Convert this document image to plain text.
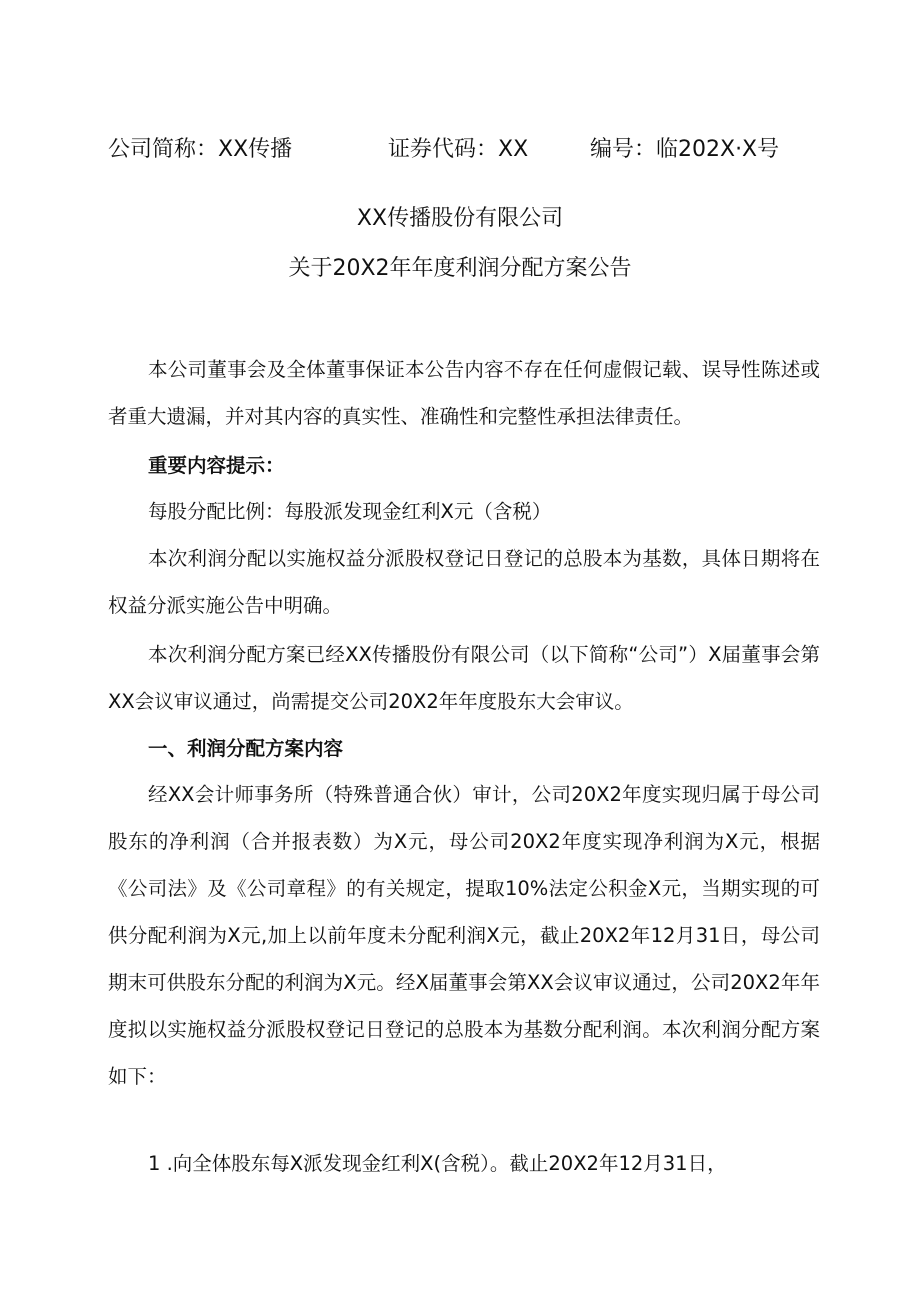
公司简称：XX传播	证券代码：XX	编号：临202X·X号
XX传播股份有限公司
关于20X2年年度利润分配方案公告
本公司董事会及全体董事保证本公告内容不存在任何虚假记载、误导性陈述或者重大遗漏，并对其内容的真实性、准确性和完整性承担法律责任。
重要内容提示：
每股分配比例：每股派发现金红利X元（含税）
本次利润分配以实施权益分派股权登记日登记的总股本为基数，具体日期将在权益分派实施公告中明确。
本次利润分配方案已经XX传播股份有限公司（以下简称“公司”）X届董事会第XX会议审议通过，尚需提交公司20X2年年度股东大会审议。
一、利润分配方案内容
经XX会计师事务所（特殊普通合伙）审计，公司20X2年度实现归属于母公司股东的净利润（合并报表数）为X元，母公司20X2年度实现净利润为X元，根据《公司法》及《公司章程》的有关规定，提取10%法定公积金X元，当期实现的可供分配利润为X元,加上以前年度未分配利润X元，截止20X2年12月31日，母公司期末可供股东分配的利润为X元。经X届董事会第XX会议审议通过，公司20X2年年度拟以实施权益分派股权登记日登记的总股本为基数分配利润。本次利润分配方案如下：
1 .向全体股东每X派发现金红利X(含税）。截止20X2年12月31日，
